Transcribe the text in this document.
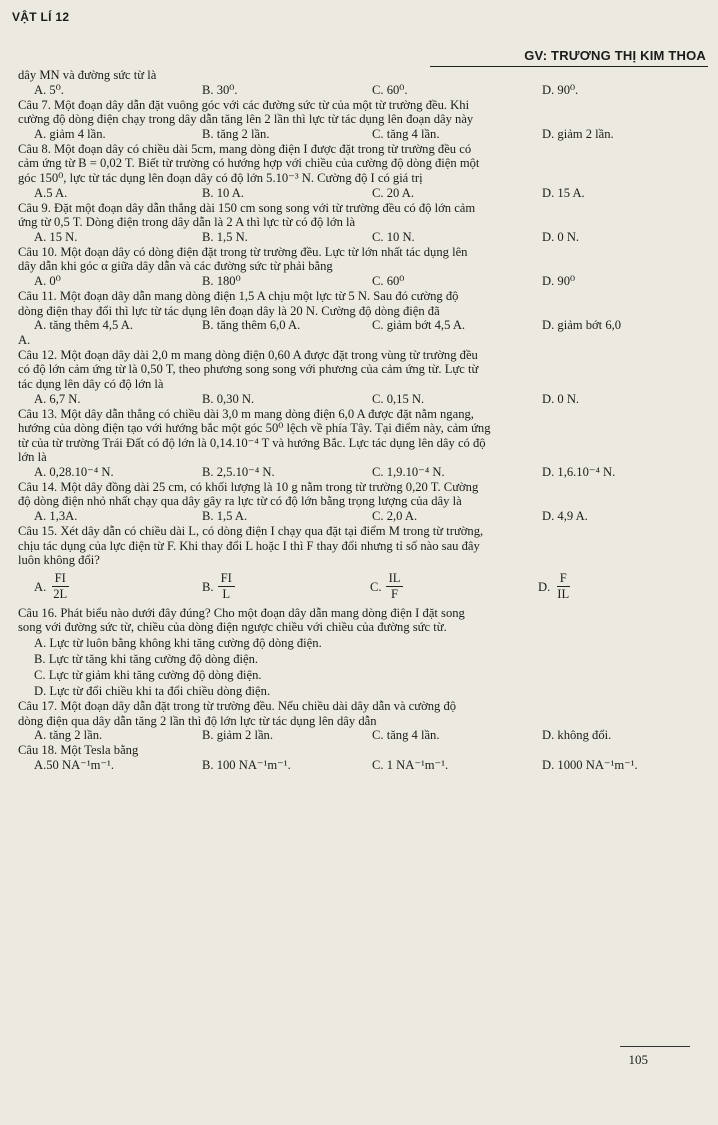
VẬT LÍ 12
GV: TRƯƠNG THỊ KIM THOA
dây MN và đường sức từ là
A. 5⁰.	B. 30⁰.	C. 60⁰.	D. 90⁰.
Câu 7. Một đoạn dây dẫn đặt vuông góc với các đường sức từ của một từ trường đều. Khi
cường độ dòng điện chạy trong dây dẫn tăng lên 2 lần thì lực từ tác dụng lên đoạn dây này
A. giảm 4 lần.	B. tăng 2 lần.	C. tăng 4 lần.	D. giảm 2 lần.
Câu 8. Một đoạn dây có chiều dài 5cm, mang dòng điện I được đặt trong từ trường đều có
cảm ứng từ B = 0,02 T. Biết từ trường có hướng hợp với chiều của cường độ dòng điện một
góc 150⁰, lực từ tác dụng lên đoạn dây có độ lớn 5.10⁻³ N. Cường độ I có giá trị
A.5 A.	B. 10 A.	C. 20 A.	D. 15 A.
Câu 9. Đặt một đoạn dây dẫn thẳng dài 150 cm song song với từ trường đều có độ lớn cảm
ứng từ 0,5 T. Dòng điện trong dây dẫn là 2 A thì lực từ có độ lớn là
A. 15 N.	B. 1,5 N.	C. 10 N.	D. 0 N.
Câu 10. Một đoạn dây có dòng điện đặt trong từ trường đều. Lực từ lớn nhất tác dụng lên
dây dẫn khi góc α giữa dây dẫn và các đường sức từ phải bằng
A. 0⁰	B. 180⁰	C. 60⁰	D. 90⁰
Câu 11. Một đoạn dây dẫn mang dòng điện 1,5 A chịu một lực từ 5 N. Sau đó cường độ
dòng điện thay đổi thì lực từ tác dụng lên đoạn dây là 20 N. Cường độ dòng điện đã
A. tăng thêm 4,5 A.	B. tăng thêm 6,0 A.	C. giảm bớt 4,5 A.	D. giảm bớt 6,0
A.
Câu 12. Một đoạn dây dài 2,0 m mang dòng điện 0,60 A được đặt trong vùng từ trường đều
có độ lớn cảm ứng từ là 0,50 T, theo phương song song với phương của cảm ứng từ. Lực từ
tác dụng lên dây có độ lớn là
A. 6,7 N.	B. 0,30 N.	C. 0,15 N.	D. 0 N.
Câu 13. Một dây dẫn thẳng có chiều dài 3,0 m mang dòng điện 6,0 A được đặt nằm ngang,
hướng của dòng điện tạo với hướng bắc một góc 50⁰ lệch về phía Tây. Tại điểm này, cảm ứng
từ của từ trường Trái Đất có độ lớn là 0,14.10⁻⁴ T và hướng Bắc. Lực tác dụng lên dây có độ
lớn là
A. 0,28.10⁻⁴ N.	B. 2,5.10⁻⁴ N.	C. 1,9.10⁻⁴ N.	D. 1,6.10⁻⁴ N.
Câu 14. Một dây đồng dài 25 cm, có khối lượng là 10 g nằm trong từ trường 0,20 T. Cường
độ dòng điện nhỏ nhất chạy qua dây gây ra lực từ có độ lớn bằng trọng lượng của dây là
A. 1,3A.	B. 1,5 A.	C. 2,0 A.	D. 4,9 A.
Câu 15. Xét dây dẫn có chiều dài L, có dòng điện I chạy qua đặt tại điểm M trong từ trường,
chịu tác dụng của lực điện từ F. Khi thay đổi L hoặc I thì F thay đổi nhưng tỉ số nào sau đây
luôn không đổi?
A. $\frac{FI}{2L}$	B. $\frac{FI}{L}$	C. $\frac{IL}{F}$	D. $\frac{F}{IL}$
Câu 16. Phát biểu nào dưới đây đúng? Cho một đoạn dây dẫn mang dòng điện I đặt song
song với đường sức từ, chiều của dòng điện ngược chiều với chiều của đường sức từ.
A. Lực từ luôn bằng không khi tăng cường độ dòng điện.
B. Lực từ tăng khi tăng cường độ dòng điện.
C. Lực từ giảm khi tăng cường độ dòng điện.
D. Lực từ đổi chiều khi ta đổi chiều dòng điện.
Câu 17. Một đoạn dây dẫn đặt trong từ trường đều. Nếu chiều dài dây dẫn và cường độ
dòng điện qua dây dẫn tăng 2 lần thì độ lớn lực từ tác dụng lên dây dẫn
A. tăng 2 lần.	B. giảm 2 lần.	C. tăng 4 lần.	D. không đổi.
Câu 18. Một Tesla bằng
A.50 NA⁻¹m⁻¹.	B. 100 NA⁻¹m⁻¹.	C. 1 NA⁻¹m⁻¹.	D. 1000 NA⁻¹m⁻¹.
105
